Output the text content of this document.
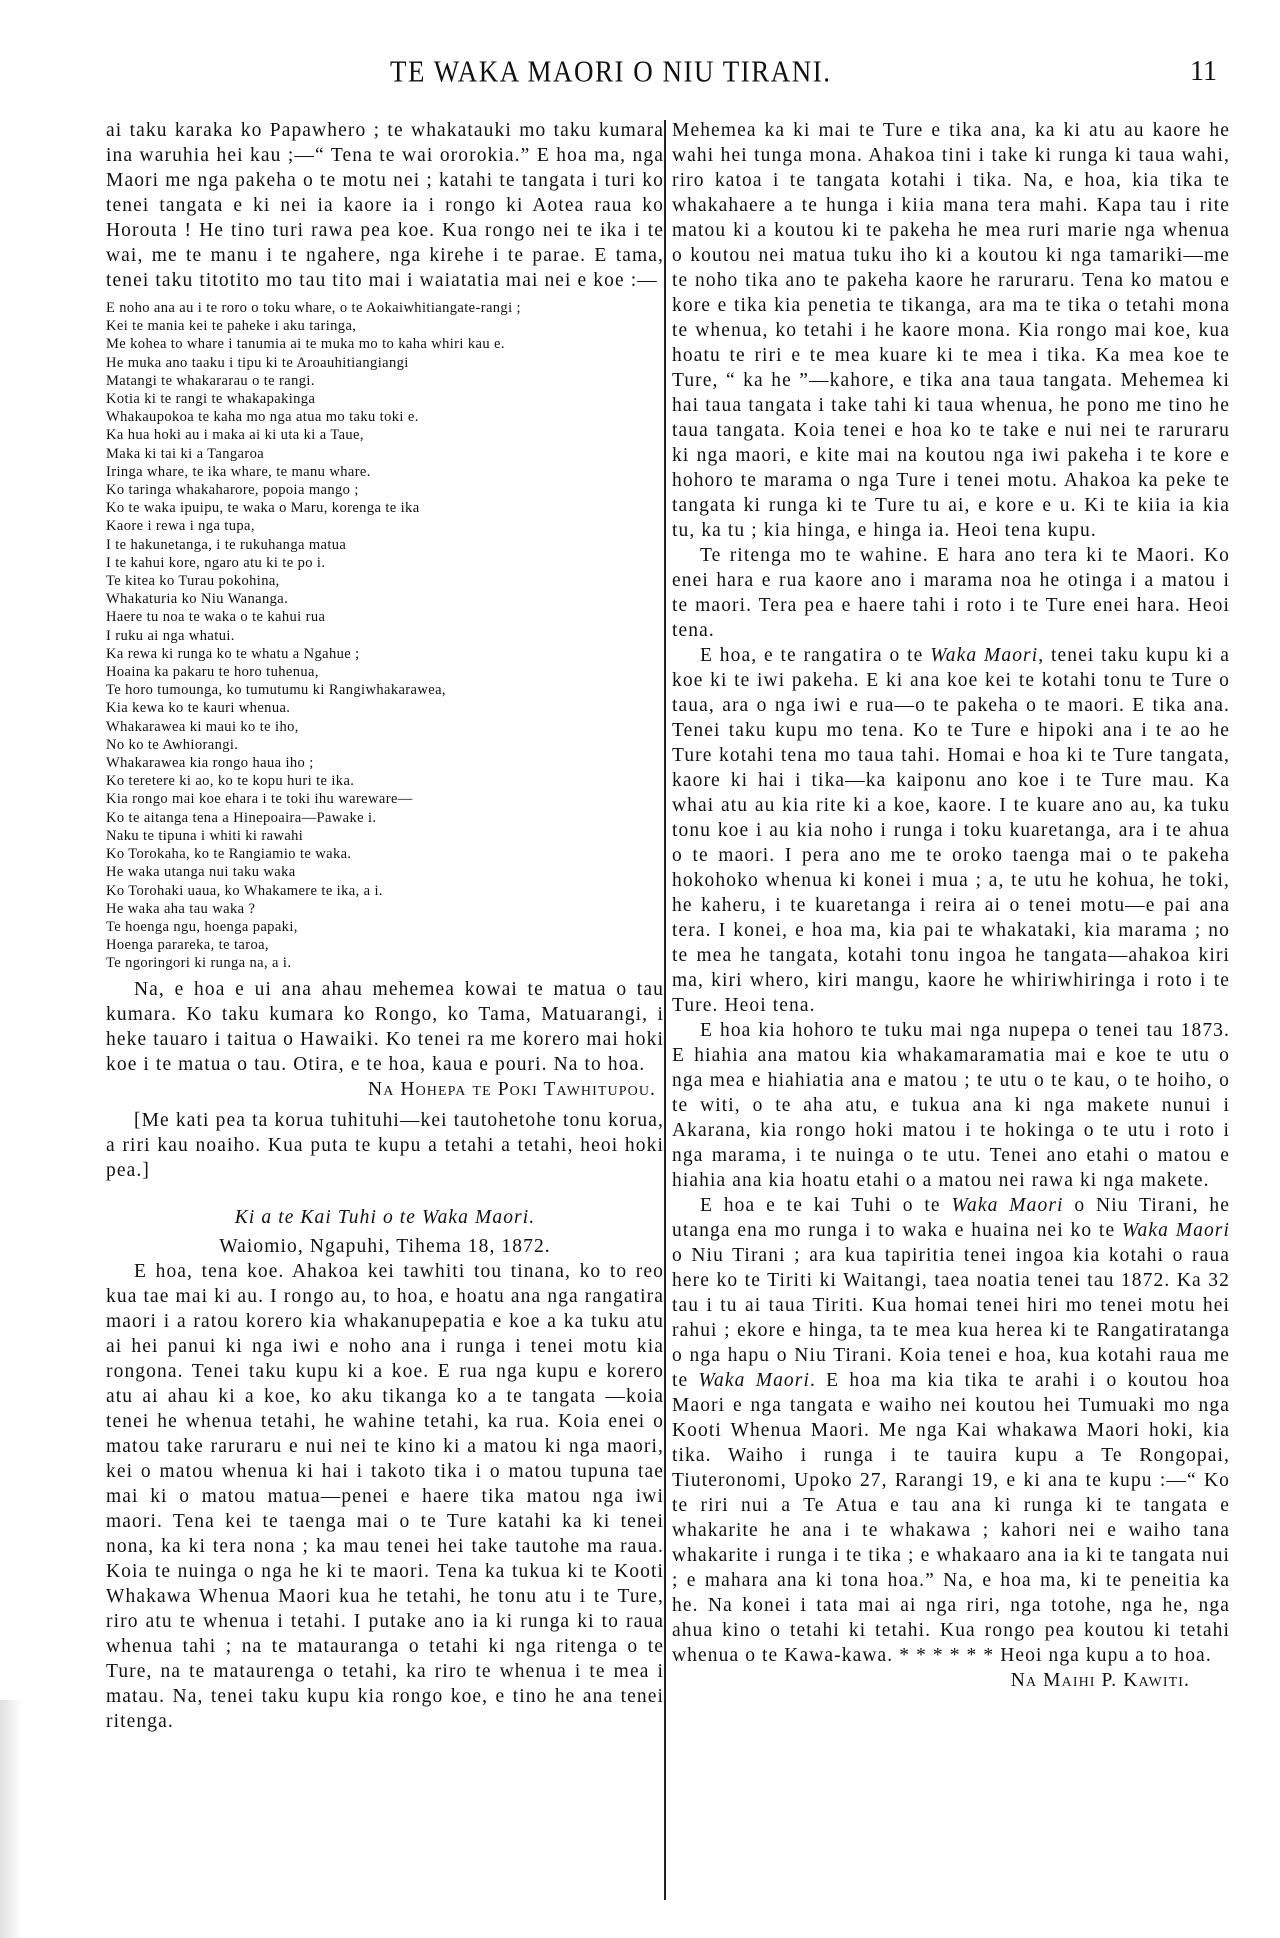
TE WAKA MAORI O NIU TIRANI.	11

ai taku karaka ko Papawhero ; te whakatauki mo taku kumara ina waruhia hei kau ;—“ Tena te wai ororokia.” E hoa ma, nga Maori me nga pakeha o te motu nei ; katahi te tangata i turi ko tenei tangata e ki nei ia kaore ia i rongo ki Aotea raua ko Horouta ! He tino turi rawa pea koe. Kua rongo nei te ika i te wai, me te manu i te ngahere, nga kirehe i te parae. E tama, tenei taku titotito mo tau tito mai i waiatatia mai nei e koe :—

E noho ana au i te roro o toku whare, o te Aokaiwhitiangate-rangi ;
Kei te mania kei te paheke i aku taringa,
Me kohea to whare i tanumia ai te muka mo to kaha whiri kau e.
He muka ano taaku i tipu ki te Aroauhitiangiangi
Matangi te whakararau o te rangi.
Kotia ki te rangi te whakapakinga
Whakaupokoa te kaha mo nga atua mo taku toki e.
Ka hua hoki au i maka ai ki uta ki a Taue,
Maka ki tai ki a Tangaroa
Iringa whare, te ika whare, te manu whare.
Ko taringa whakaharore, popoia mango ;
Ko te waka ipuipu, te waka o Maru, korenga te ika
Kaore i rewa i nga tupa,
I te hakunetanga, i te rukuhanga matua
I te kahui kore, ngaro atu ki te po i.
Te kitea ko Turau pokohina,
Whakaturia ko Niu Wananga.
Haere tu noa te waka o te kahui rua
I ruku ai nga whatui.
Ka rewa ki runga ko te whatu a Ngahue ;
Hoaina ka pakaru te horo tuhenua,
Te horo tumounga, ko tumutumu ki Rangiwhakarawea,
Kia kewa ko te kauri whenua.
Whakarawea ki maui ko te iho,
No ko te Awhiorangi.
Whakarawea kia rongo haua iho ;
Ko teretere ki ao, ko te kopu huri te ika.
Kia rongo mai koe ehara i te toki ihu wareware—
Ko te aitanga tena a Hinepoaira—Pawake i.
Naku te tipuna i whiti ki rawahi
Ko Torokaha, ko te Rangiamio te waka.
He waka utanga nui taku waka
Ko Torohaki uaua, ko Whakamere te ika, a i.
He waka aha tau waka ?
Te hoenga ngu, hoenga papaki,
Hoenga parareka, te taroa,
Te ngoringori ki runga na, a i.

Na, e hoa e ui ana ahau mehemea kowai te matua o tau kumara. Ko taku kumara ko Rongo, ko Tama, Matuarangi, i heke tauaro i taitua o Hawaiki. Ko tenei ra me korero mai hoki koe i te matua o tau. Otira, e te hoa, kaua e pouri. Na to hoa.

Na Hohepa te Poki Tawhitupou.

[Me kati pea ta korua tuhituhi—kei tautohetohe tonu korua, a riri kau noaiho. Kua puta te kupu a tetahi a tetahi, heoi hoki pea.]

Ki a te Kai Tuhi o te Waka Maori.

Waiomio, Ngapuhi, Tihema 18, 1872.

E hoa, tena koe. Ahakoa kei tawhiti tou tinana, ko to reo kua tae mai ki au. I rongo au, to hoa, e hoatu ana nga rangatira maori i a ratou korero kia whakanupepatia e koe a ka tuku atu ai hei panui ki nga iwi e noho ana i runga i tenei motu kia rongona. Tenei taku kupu ki a koe. E rua nga kupu e korero atu ai ahau ki a koe, ko aku tikanga ko a te tangata —koia tenei he whenua tetahi, he wahine tetahi, ka rua. Koia enei o matou take raruraru e nui nei te kino ki a matou ki nga maori, kei o matou whenua ki hai i takoto tika i o matou tupuna tae mai ki o matou matua—penei e haere tika matou nga iwi maori. Tena kei te taenga mai o te Ture katahi ka ki tenei nona, ka ki tera nona ; ka mau tenei hei take tautohe ma raua. Koia te nuinga o nga he ki te maori. Tena ka tukua ki te Kooti Whakawa Whenua Maori kua he tetahi, he tonu atu i te Ture, riro atu te whenua i tetahi. I putake ano ia ki runga ki to raua whenua tahi ; na te matauranga o tetahi ki nga ritenga o te Ture, na te mataurenga o tetahi, ka riro te whenua i te mea i matau. Na, tenei taku kupu kia rongo koe, e tino he ana tenei ritenga.

Mehemea ka ki mai te Ture e tika ana, ka ki atu au kaore he wahi hei tunga mona. Ahakoa tini i take ki runga ki taua wahi, riro katoa i te tangata kotahi i tika. Na, e hoa, kia tika te whakahaere a te hunga i kiia mana tera mahi. Kapa tau i rite matou ki a koutou ki te pakeha he mea ruri marie nga whenua o koutou nei matua tuku iho ki a koutou ki nga tamariki—me te noho tika ano te pakeha kaore he raruraru. Tena ko matou e kore e tika kia penetia te tikanga, ara ma te tika o tetahi mona te whenua, ko tetahi i he kaore mona. Kia rongo mai koe, kua hoatu te riri e te mea kuare ki te mea i tika. Ka mea koe te Ture, “ ka he ”—kahore, e tika ana taua tangata. Mehemea ki hai taua tangata i take tahi ki taua whenua, he pono me tino he taua tangata. Koia tenei e hoa ko te take e nui nei te raruraru ki nga maori, e kite mai na koutou nga iwi pakeha i te kore e hohoro te marama o nga Ture i tenei motu. Ahakoa ka peke te tangata ki runga ki te Ture tu ai, e kore e u. Ki te kiia ia kia tu, ka tu ; kia hinga, e hinga ia. Heoi tena kupu.

Te ritenga mo te wahine. E hara ano tera ki te Maori. Ko enei hara e rua kaore ano i marama noa he otinga i a matou i te maori. Tera pea e haere tahi i roto i te Ture enei hara. Heoi tena.

E hoa, e te rangatira o te Waka Maori, tenei taku kupu ki a koe ki te iwi pakeha. E ki ana koe kei te kotahi tonu te Ture o taua, ara o nga iwi e rua—o te pakeha o te maori. E tika ana. Tenei taku kupu mo tena. Ko te Ture e hipoki ana i te ao he Ture kotahi tena mo taua tahi. Homai e hoa ki te Ture tangata, kaore ki hai i tika—ka kaiponu ano koe i te Ture mau. Ka whai atu au kia rite ki a koe, kaore. I te kuare ano au, ka tuku tonu koe i au kia noho i runga i toku kuaretanga, ara i te ahua o te maori. I pera ano me te oroko taenga mai o te pakeha hokohoko whenua ki konei i mua ; a, te utu he kohua, he toki, he kaheru, i te kuaretanga i reira ai o tenei motu—e pai ana tera. I konei, e hoa ma, kia pai te whakataki, kia marama ; no te mea he tangata, kotahi tonu ingoa he tangata—ahakoa kiri ma, kiri whero, kiri mangu, kaore he whiriwhiringa i roto i te Ture. Heoi tena.

E hoa kia hohoro te tuku mai nga nupepa o tenei tau 1873. E hiahia ana matou kia whakamaramatia mai e koe te utu o nga mea e hiahiatia ana e matou ; te utu o te kau, o te hoiho, o te witi, o te aha atu, e tukua ana ki nga makete nunui i Akarana, kia rongo hoki matou i te hokinga o te utu i roto i nga marama, i te nuinga o te utu. Tenei ano etahi o matou e hiahia ana kia hoatu etahi o a matou nei rawa ki nga makete.

E hoa e te kai Tuhi o te Waka Maori o Niu Tirani, he utanga ena mo runga i to waka e huaina nei ko te Waka Maori o Niu Tirani ; ara kua tapiritia tenei ingoa kia kotahi o raua here ko te Tiriti ki Waitangi, taea noatia tenei tau 1872. Ka 32 tau i tu ai taua Tiriti. Kua homai tenei hiri mo tenei motu hei rahui ; ekore e hinga, ta te mea kua herea ki te Rangatiratanga o nga hapu o Niu Tirani. Koia tenei e hoa, kua kotahi raua me te Waka Maori. E hoa ma kia tika te arahi i o koutou hoa Maori e nga tangata e waiho nei koutou hei Tumuaki mo nga Kooti Whenua Maori. Me nga Kai whakawa Maori hoki, kia tika. Waiho i runga i te tauira kupu a Te Rongopai, Tiuteronomi, Upoko 27, Rarangi 19, e ki ana te kupu :—“ Ko te riri nui a Te Atua e tau ana ki runga ki te tangata e whakarite he ana i te whakawa ; kahori nei e waiho tana whakarite i runga i te tika ; e whakaaro ana ia ki te tangata nui ; e mahara ana ki tona hoa.” Na, e hoa ma, ki te peneitia ka he. Na konei i tata mai ai nga riri, nga totohe, nga he, nga ahua kino o tetahi ki tetahi. Kua rongo pea koutou ki tetahi whenua o te Kawa-kawa. * * * * * * Heoi nga kupu a to hoa.

Na Maihi P. Kawiti.
